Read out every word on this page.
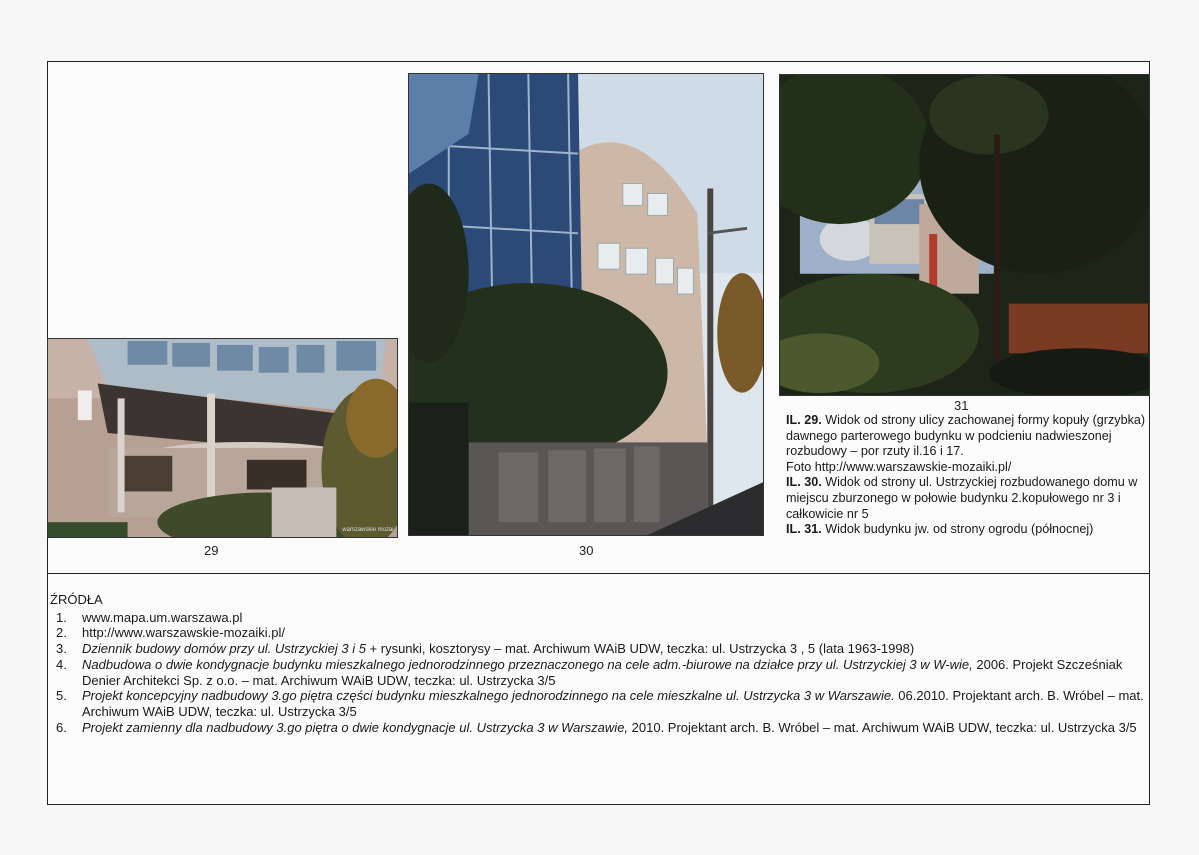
warszawskie mozai
29	30
31

IL. 29. Widok od strony ulicy zachowanej formy kopuły (grzybka) dawnego parterowego budynku w podcieniu nadwieszonej rozbudowy – por rzuty il.16 i 17.

Foto http://www.warszawskie-mozaiki.pl/

IL. 30. Widok od strony ul. Ustrzyckiej rozbudowanego domu w miejscu zburzonego w połowie budynku 2.kopułowego nr 3 i całkowicie nr 5

IL. 31. Widok budynku jw. od strony ogrodu (północnej)

ŹRÓDŁA

1. www.mapa.um.warszawa.pl

2. http://www.warszawskie-mozaiki.pl/

3. Dziennik budowy domów przy ul. Ustrzyckiej 3 i 5 + rysunki, kosztorysy – mat. Archiwum WAiB UDW, teczka: ul. Ustrzycka 3 , 5 (lata 1963-1998)

4. Nadbudowa o dwie kondygnacje budynku mieszkalnego jednorodzinnego przeznaczonego na cele adm.-biurowe na działce przy ul. Ustrzyckiej 3 w W-wie, 2006. Projekt Szcześniak Denier Architekci Sp. z o.o. – mat. Archiwum WAiB UDW, teczka: ul. Ustrzycka 3/5

5. Projekt koncepcyjny nadbudowy 3.go piętra części budynku mieszkalnego jednorodzinnego na cele mieszkalne ul. Ustrzycka 3 w Warszawie. 06.2010. Projektant arch. B. Wróbel – mat. Archiwum WAiB UDW, teczka: ul. Ustrzycka 3/5

6. Projekt zamienny dla nadbudowy 3.go piętra o dwie kondygnacje ul. Ustrzycka 3 w Warszawie, 2010. Projektant arch. B. Wróbel – mat. Archiwum WAiB UDW, teczka: ul. Ustrzycka 3/5
